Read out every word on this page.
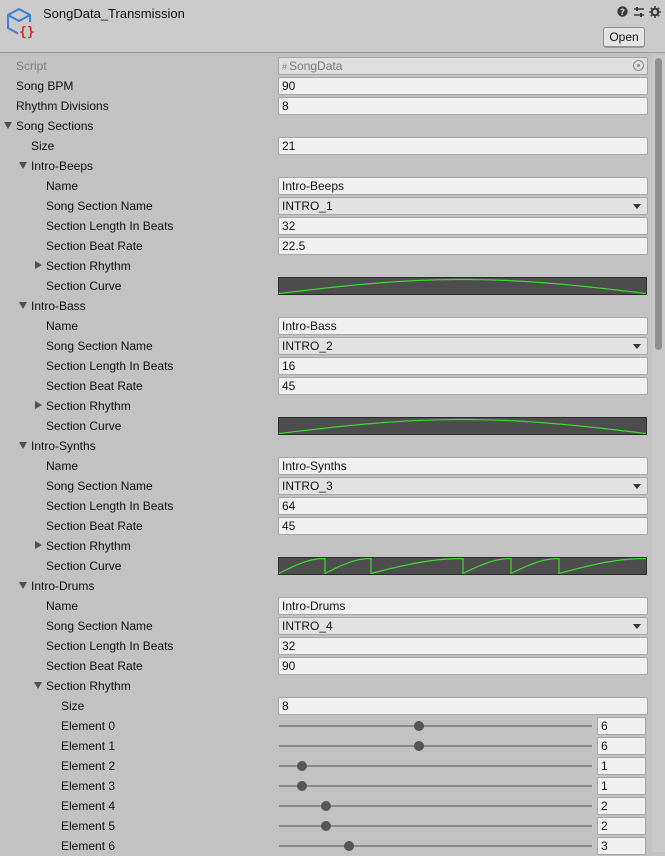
{}
SongData_Transmission	?
Open
Script	# SongData
Song BPM	90
Rhythm Divisions	8
Song Sections
Size	21
Intro-Beeps
Name	Intro-Beeps
Song Section Name	INTRO_1
Section Length In Beats	32
Section Beat Rate	22.5
Section Rhythm
Section Curve
Intro-Bass
Name	Intro-Bass
Song Section Name	INTRO_2
Section Length In Beats	16
Section Beat Rate	45
Section Rhythm
Section Curve
Intro-Synths
Name	Intro-Synths
Song Section Name	INTRO_3
Section Length In Beats	64
Section Beat Rate	45
Section Rhythm
Section Curve
Intro-Drums
Name	Intro-Drums
Song Section Name	INTRO_4
Section Length In Beats	32
Section Beat Rate	90
Section Rhythm
Size	8
Element 0	6
Element 1	6
Element 2	1
Element 3	1
Element 4	2
Element 5	2
Element 6	3
